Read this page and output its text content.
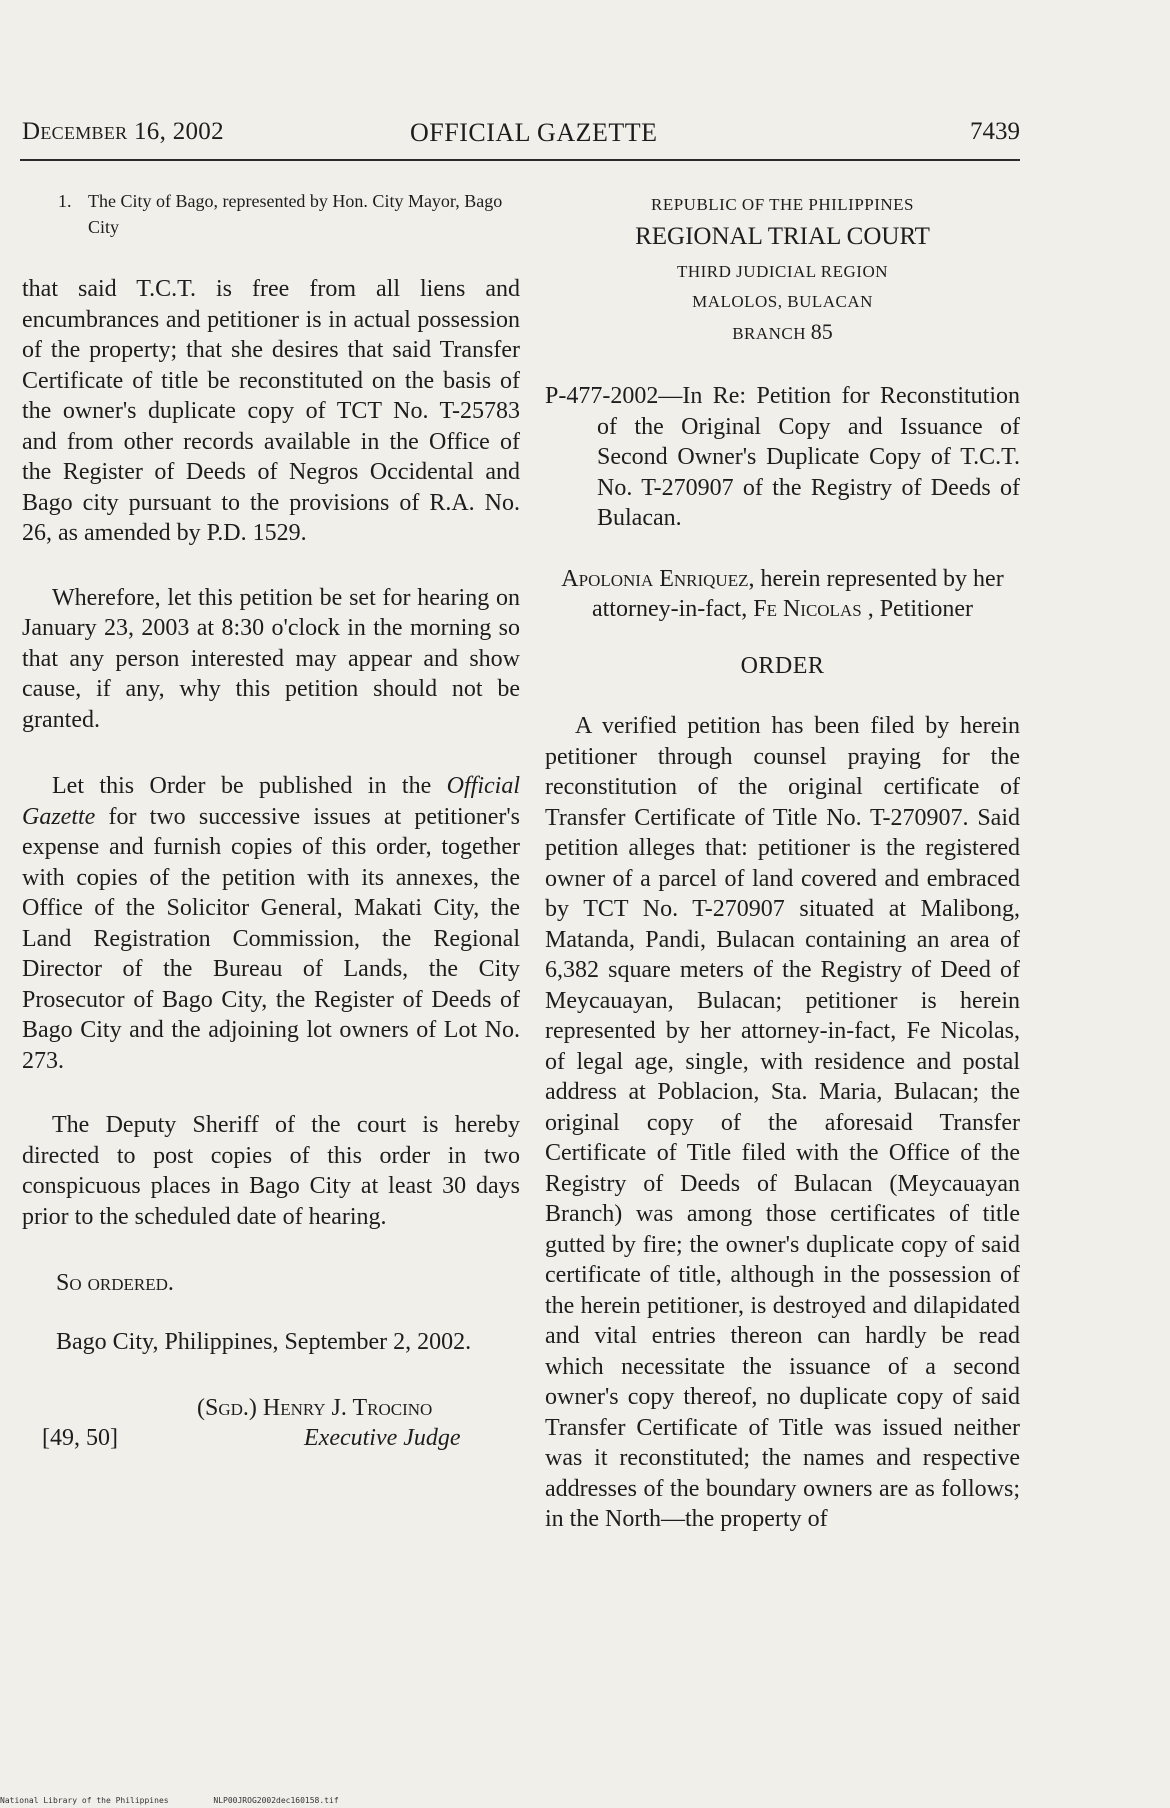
December 16, 2002	OFFICIAL GAZETTE	7439
1. The City of Bago, represented by Hon. City Mayor, Bago City

that said T.C.T. is free from all liens and encumbrances and petitioner is in actual possession of the property; that she desires that said Transfer Certificate of title be reconstituted on the basis of the owner's duplicate copy of TCT No. T-25783 and from other records available in the Office of the Register of Deeds of Negros Occidental and Bago city pursuant to the provisions of R.A. No. 26, as amended by P.D. 1529.

Wherefore, let this petition be set for hearing on January 23, 2003 at 8:30 o'clock in the morning so that any person interested may appear and show cause, if any, why this petition should not be granted.

Let this Order be published in the Official Gazette for two successive issues at petitioner's expense and furnish copies of this order, together with copies of the petition with its annexes, the Office of the Solicitor General, Makati City, the Land Registration Commission, the Regional Director of the Bureau of Lands, the City Prosecutor of Bago City, the Register of Deeds of Bago City and the adjoining lot owners of Lot No. 273.

The Deputy Sheriff of the court is hereby directed to post copies of this order in two conspicuous places in Bago City at least 30 days prior to the scheduled date of hearing.

So ordered.

Bago City, Philippines, September 2, 2002.

(Sgd.) Henry J. Trocino
Executive Judge
[49, 50]
REPUBLIC OF THE PHILIPPINES
REGIONAL TRIAL COURT
THIRD JUDICIAL REGION
MALOLOS, BULACAN
BRANCH 85

P-477-2002—In Re: Petition for Reconstitution of the Original Copy and Issuance of Second Owner's Duplicate Copy of T.C.T. No. T-270907 of the Registry of Deeds of Bulacan.

Apolonia Enriquez, herein represented by her attorney-in-fact, Fe Nicolas , Petitioner

ORDER

A verified petition has been filed by herein petitioner through counsel praying for the reconstitution of the original certificate of Transfer Certificate of Title No. T-270907. Said petition alleges that: petitioner is the registered owner of a parcel of land covered and embraced by TCT No. T-270907 situated at Malibong, Matanda, Pandi, Bulacan containing an area of 6,382 square meters of the Registry of Deed of Meycauayan, Bulacan; petitioner is herein represented by her attorney-in-fact, Fe Nicolas, of legal age, single, with residence and postal address at Poblacion, Sta. Maria, Bulacan; the original copy of the aforesaid Transfer Certificate of Title filed with the Office of the Registry of Deeds of Bulacan (Meycauayan Branch) was among those certificates of title gutted by fire; the owner's duplicate copy of said certificate of title, although in the possession of the herein petitioner, is destroyed and dilapidated and vital entries thereon can hardly be read which necessitate the issuance of a second owner's copy thereof, no duplicate copy of said Transfer Certificate of Title was issued neither was it reconstituted; the names and respective addresses of the boundary owners are as follows; in the North—the property of

National Library of the Philippines	NLP00JROG2002dec160158.tif
